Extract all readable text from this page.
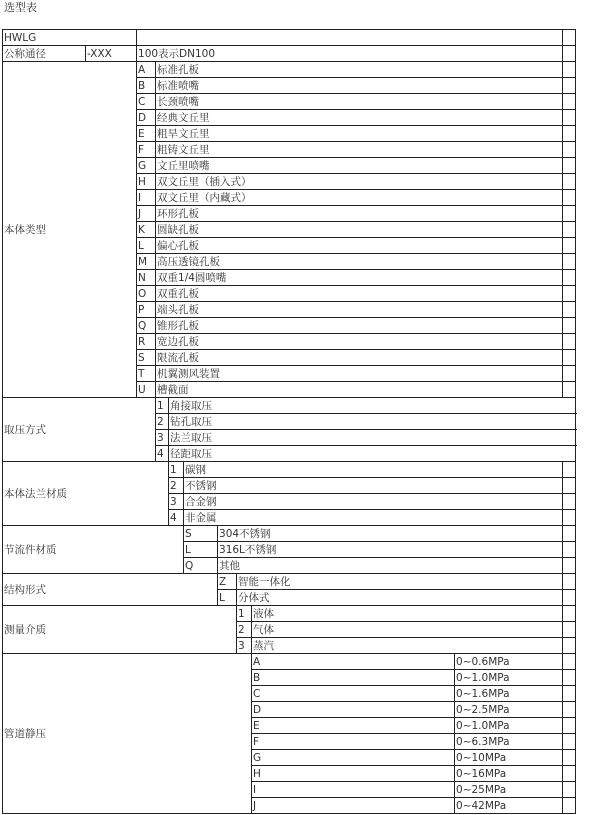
选型表
HWLG										
公称通径	-XXX	100表示DN100								
本体类型		A	标准孔板							
		B	标准喷嘴							
		C	长颈喷嘴							
		D	经典文丘里							
		E	粗旱文丘里							
		F	粗铸文丘里							
		G	文丘里喷嘴							
		H	双文丘里（插入式）							
		I	双文丘里（内藏式）							
		J	环形孔板							
		K	圆缺孔板							
		L	偏心孔板							
		M	高压透镜孔板							
		N	双重1/4圆喷嘴							
		O	双重孔板							
		P	端头孔板							
		Q	锥形孔板							
		R	宽边孔板							
		S	限流孔板							
		T	机翼测风装置							
		U	槽截面							
取压方式			1	角接取压						
			2	钻孔取压						
			3	法兰取压						
			4	径距取压						
本体法兰材质				1	碳钢					
				2	不锈钢					
				3	合金钢					
				4	非金属					
节流件材质					S	304不锈钢				
					L	316L不锈钢				
					Q	其他				
结构形式						Z	智能一体化			
						L	分体式			
测量介质							1	液体		
							2	气体		
							3	蒸汽		
管道静压								A	0~0.6MPa	
								B	0~1.0MPa	
								C	0~1.6MPa	
								D	0~2.5MPa	
								E	0~1.0MPa	
								F	0~6.3MPa	
								G	0~10MPa	
								H	0~16MPa	
								I	0~25MPa	
								J	0~42MPa	
